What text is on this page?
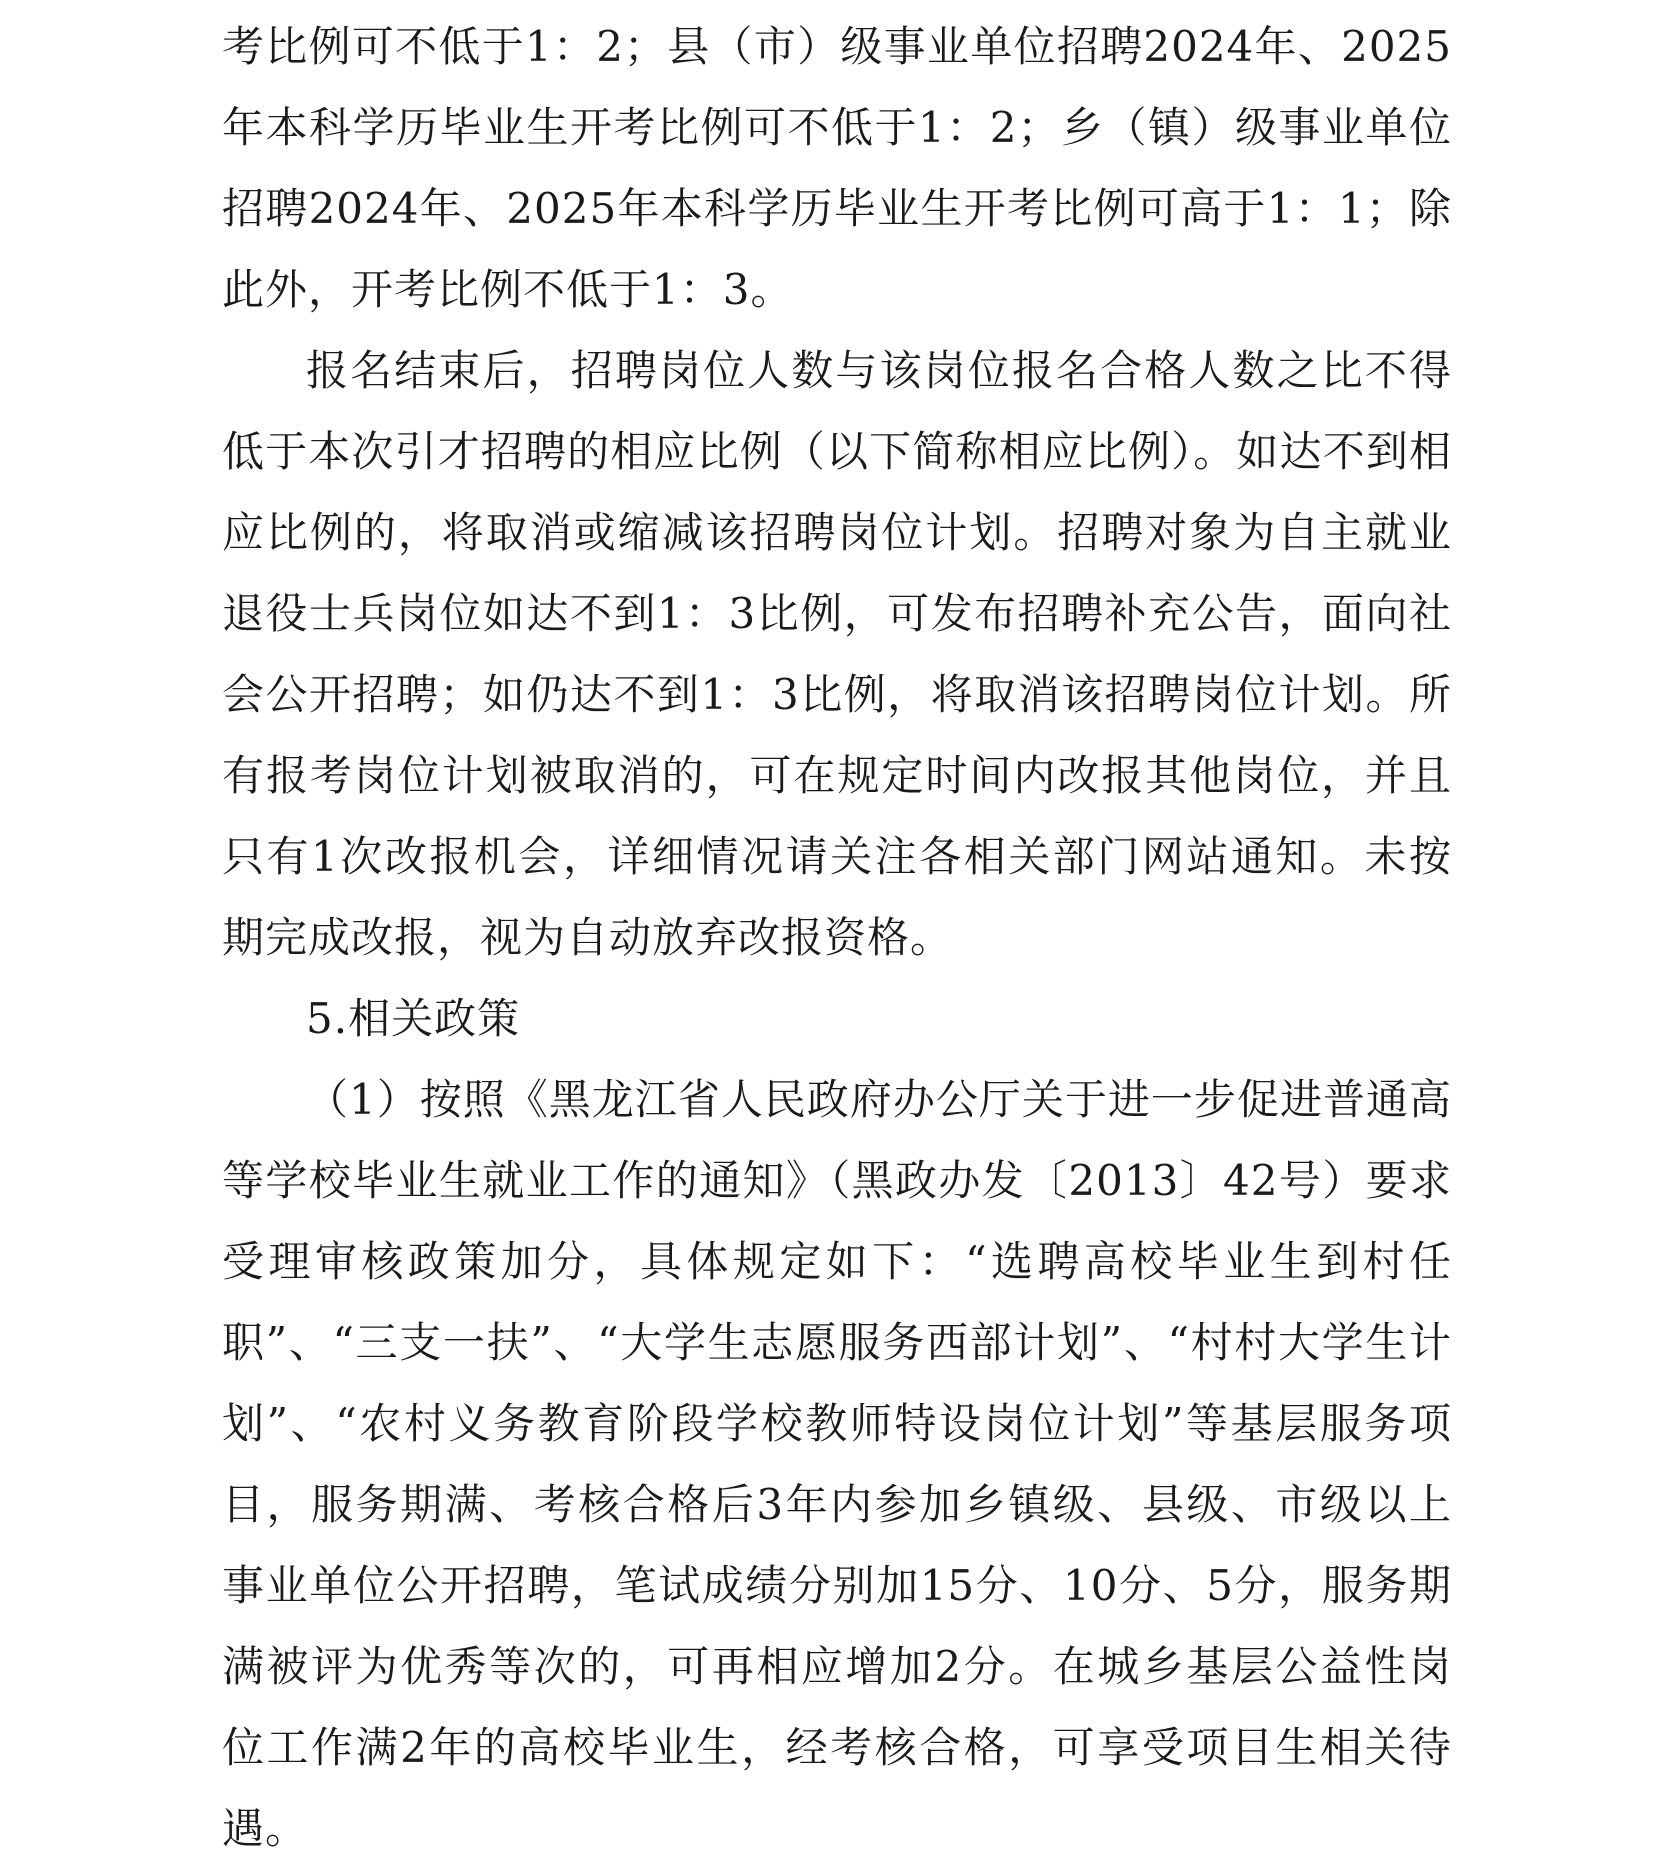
考比例可不低于1：2；县（市）级事业单位招聘2024年、2025年本科学历毕业生开考比例可不低于1：2；乡（镇）级事业单位招聘2024年、2025年本科学历毕业生开考比例可高于1：1；除此外，开考比例不低于1：3。

报名结束后，招聘岗位人数与该岗位报名合格人数之比不得低于本次引才招聘的相应比例（以下简称相应比例）。如达不到相应比例的，将取消或缩减该招聘岗位计划。招聘对象为自主就业退役士兵岗位如达不到1：3比例，可发布招聘补充公告，面向社会公开招聘；如仍达不到1：3比例，将取消该招聘岗位计划。所有报考岗位计划被取消的，可在规定时间内改报其他岗位，并且只有1次改报机会，详细情况请关注各相关部门网站通知。未按期完成改报，视为自动放弃改报资格。

5.相关政策

（1）按照《黑龙江省人民政府办公厅关于进一步促进普通高等学校毕业生就业工作的通知》（黑政办发〔2013〕42号）要求受理审核政策加分，具体规定如下：“选聘高校毕业生到村任职”、“三支一扶”、“大学生志愿服务西部计划”、“村村大学生计划”、“农村义务教育阶段学校教师特设岗位计划”等基层服务项目，服务期满、考核合格后3年内参加乡镇级、县级、市级以上事业单位公开招聘，笔试成绩分别加15分、10分、5分，服务期满被评为优秀等次的，可再相应增加2分。在城乡基层公益性岗位工作满2年的高校毕业生，经考核合格，可享受项目生相关待遇。
